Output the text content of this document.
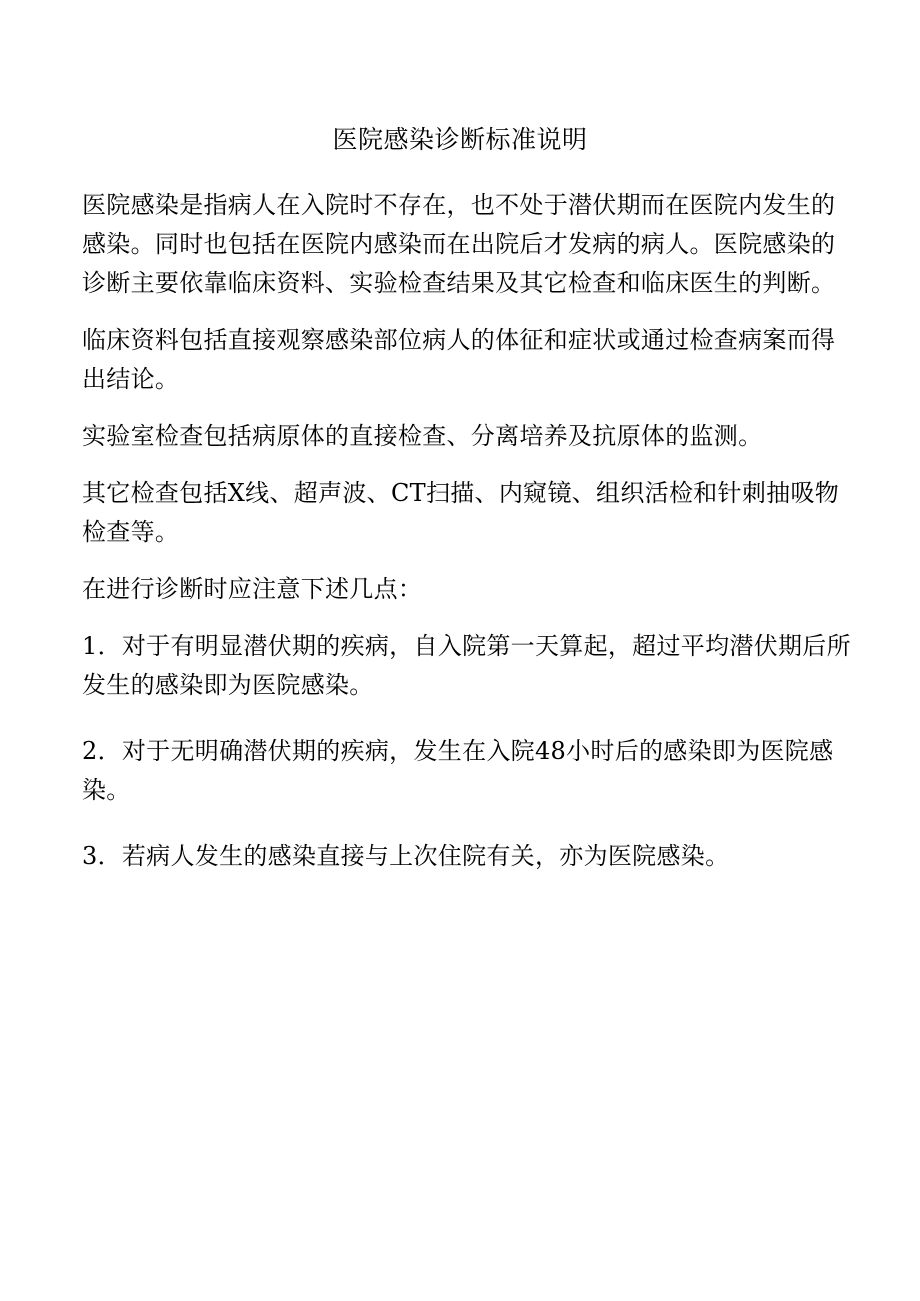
医院感染诊断标准说明

医院感染是指病人在入院时不存在，也不处于潜伏期而在医院内发生的感染。同时也包括在医院内感染而在出院后才发病的病人。医院感染的诊断主要依靠临床资料、实验检查结果及其它检查和临床医生的判断。

临床资料包括直接观察感染部位病人的体征和症状或通过检查病案而得出结论。

实验室检查包括病原体的直接检查、分离培养及抗原体的监测。

其它检查包括X线、超声波、CT扫描、内窥镜、组织活检和针刺抽吸物检查等。

在进行诊断时应注意下述几点：

1．对于有明显潜伏期的疾病，自入院第一天算起，超过平均潜伏期后所发生的感染即为医院感染。

2．对于无明确潜伏期的疾病，发生在入院48小时后的感染即为医院感染。

3．若病人发生的感染直接与上次住院有关，亦为医院感染。
